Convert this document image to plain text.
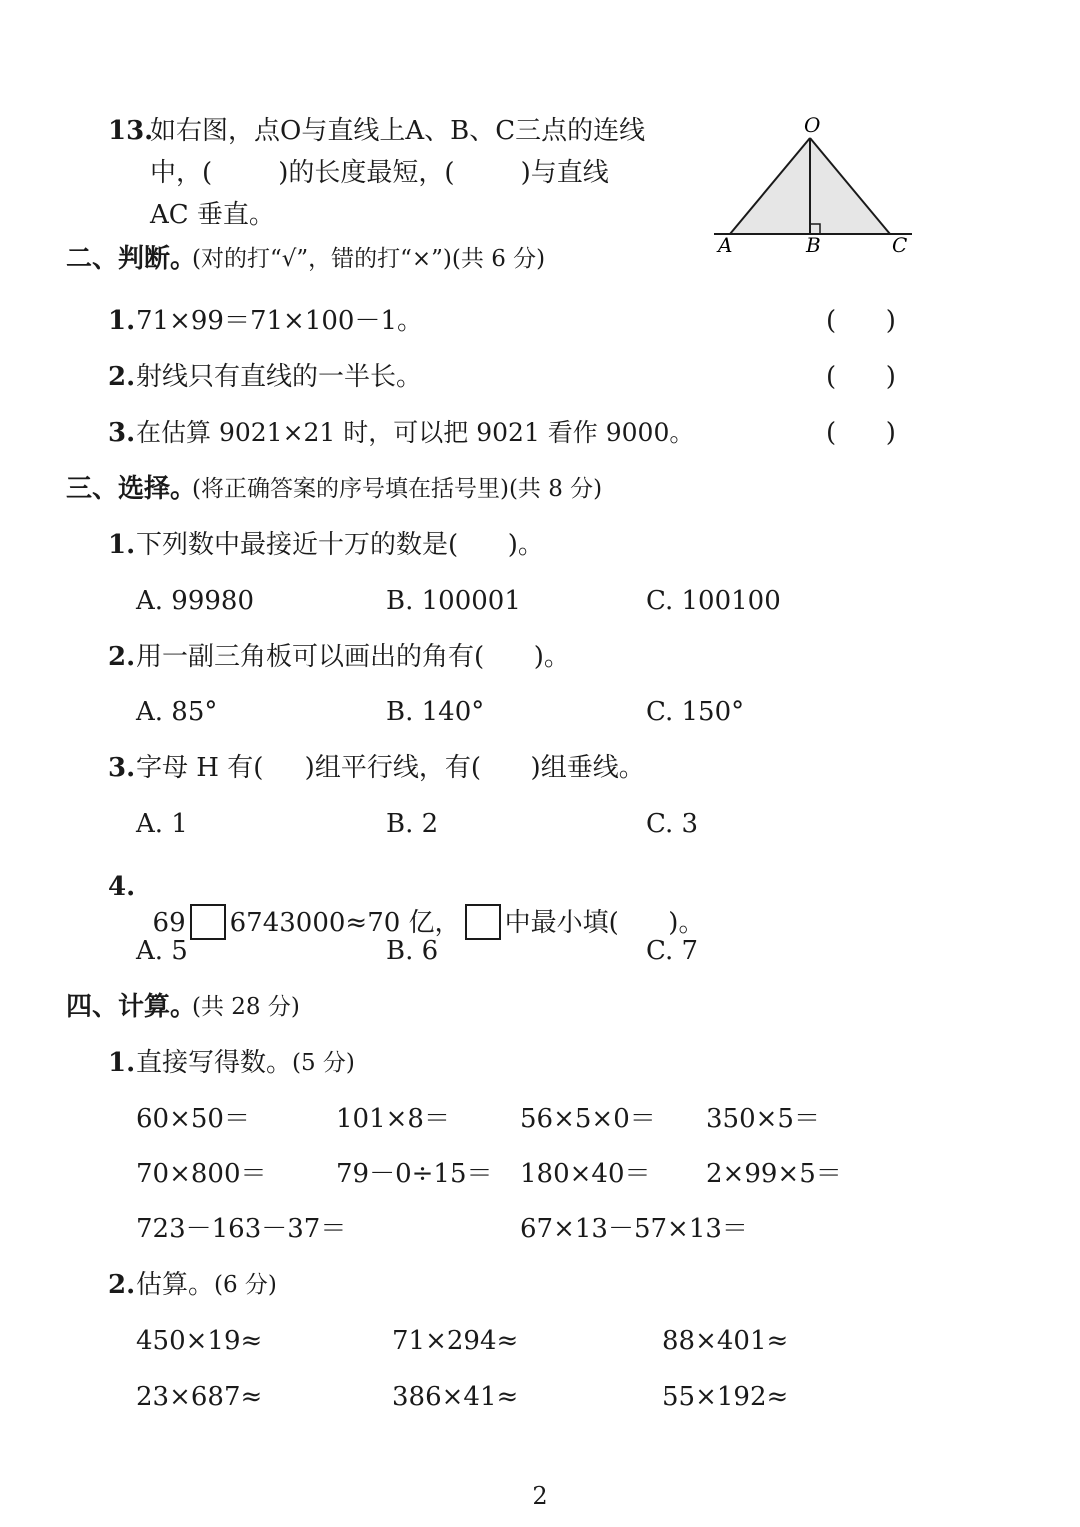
13.
如右图，点O与直线上A、B、C三点的连线
中，(        )的长度最短，(        )与直线
AC 垂直。
O
A	B	C
二、判断。
(对的打“√”，错的打“×”)(共 6 分)
1. 71×99＝71×100－1。	(      )
2. 射线只有直线的一半长。	(      )
3. 在估算 9021×21 时，可以把 9021 看作 9000。	(      )
三、选择。
(将正确答案的序号填在括号里)(共 8 分)
1. 下列数中最接近十万的数是(      )。
A. 99980	B. 100001	C. 100100
2. 用一副三角板可以画出的角有(      )。
A. 85°	B. 140°	C. 150°
3. 字母 H 有(     )组平行线，有(      )组垂线。
A. 1	B. 2	C. 3
4.

69 6743000≈70 亿， 中最小填(      )。

A. 5	B. 6	C. 7
四、计算。
(共 28 分)
1. 直接写得数。 (5 分)
60×50＝	101×8＝	56×5×0＝ 350×5＝
70×800＝	79－0÷15＝ 180×40＝ 2×99×5＝
723－163－37＝	67×13－57×13＝
2. 估算。 (6 分)
450×19≈	71×294≈	88×401≈
23×687≈	386×41≈	55×192≈
2
